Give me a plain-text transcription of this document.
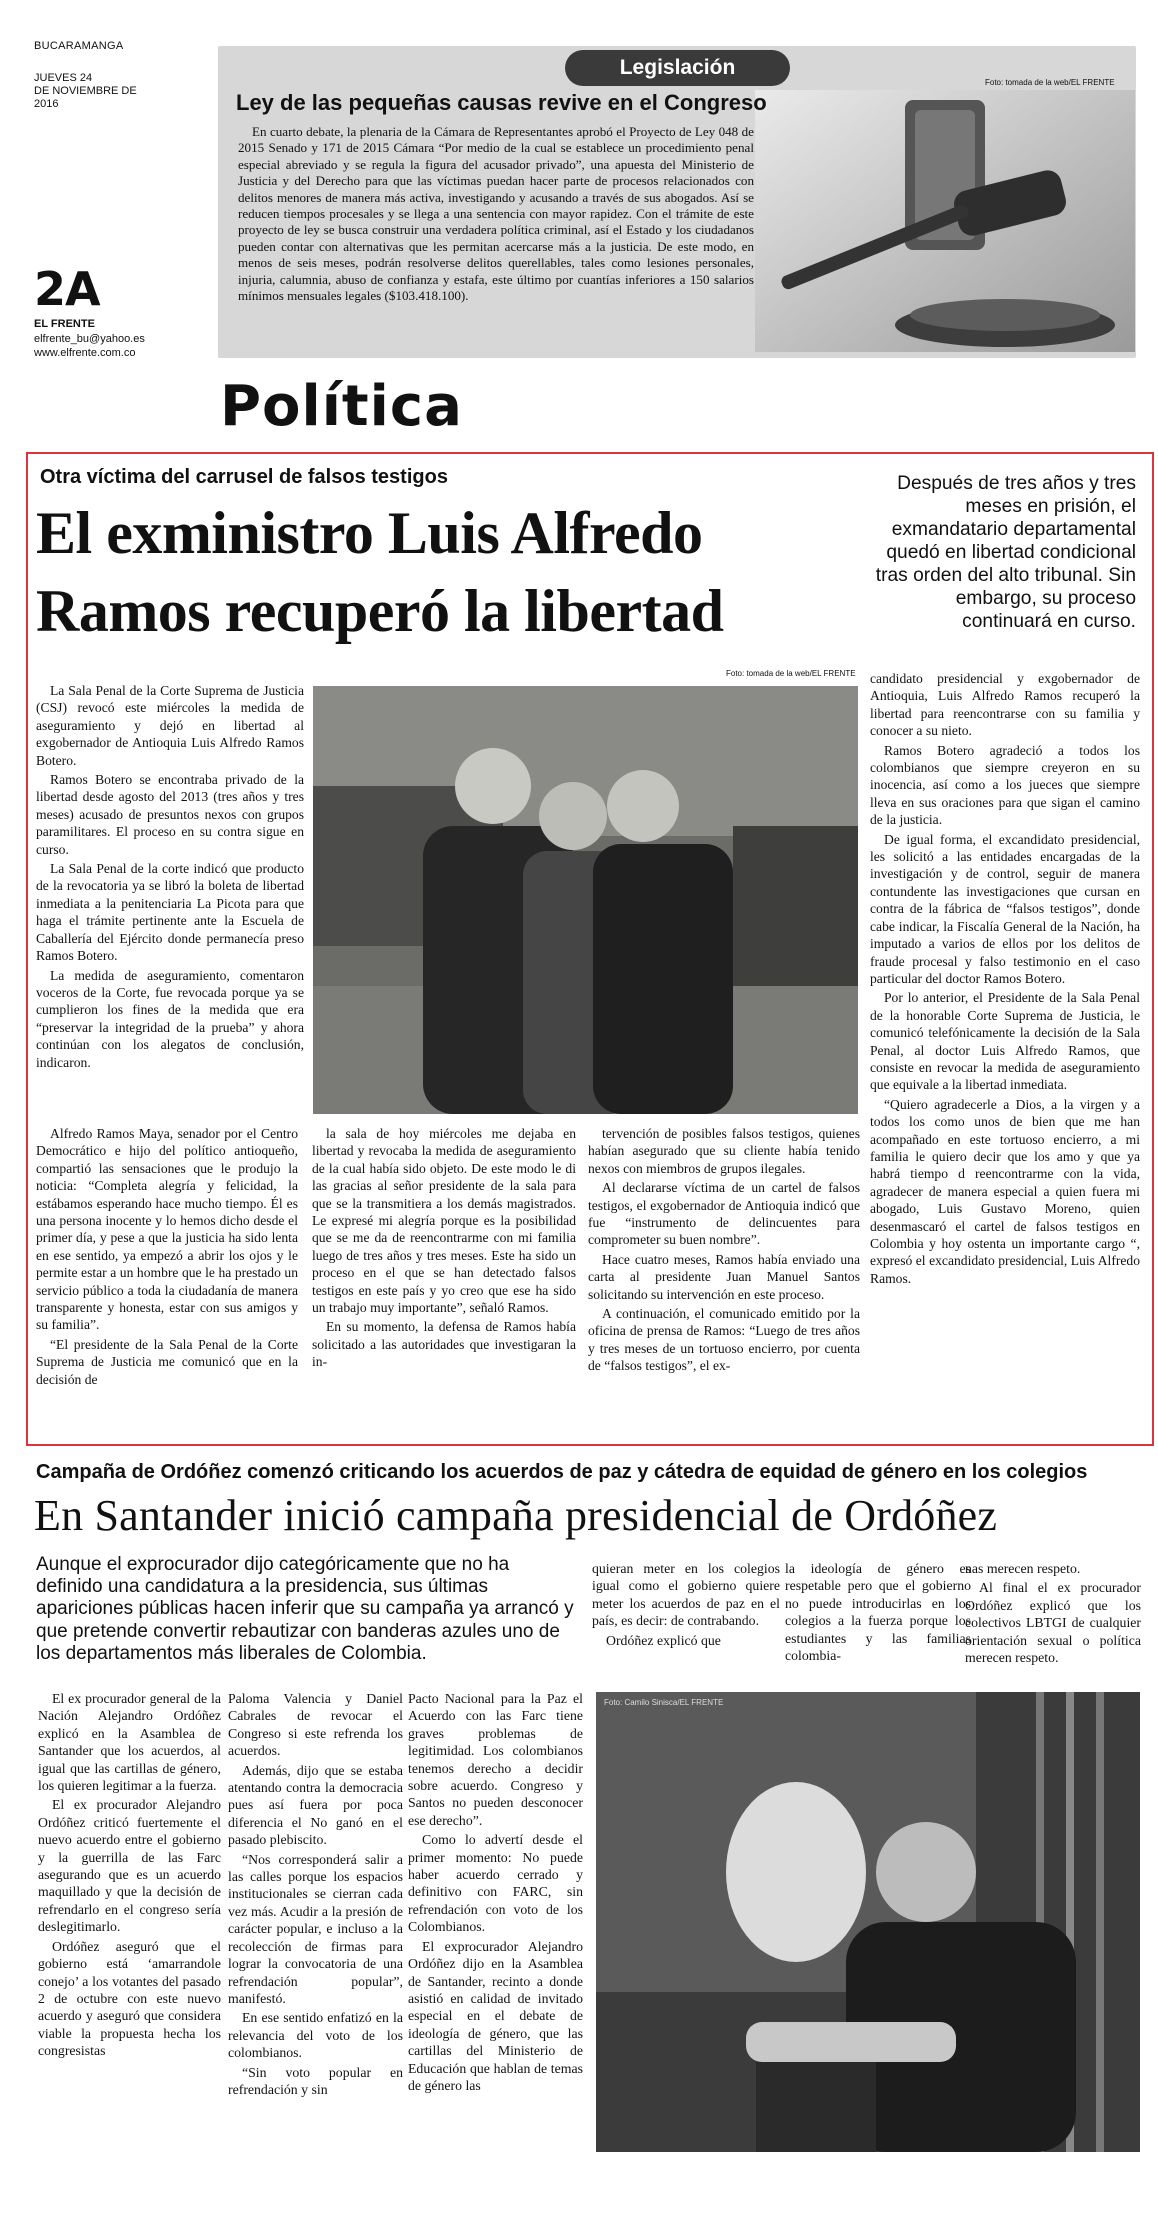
BUCARAMANGA
JUEVES 24
DE NOVIEMBRE DE 2016
2A
EL FRENTE
elfrente_bu@yahoo.es
www.elfrente.com.co
Política
Foto: tomada de la web/EL FRENTE
Legislación
Ley de las pequeñas causas revive en el Congreso

En cuarto debate, la plenaria de la Cámara de Representantes aprobó el Proyecto de Ley 048 de 2015 Senado y 171 de 2015 Cámara “Por medio de la cual se establece un procedimiento penal especial abreviado y se regula la figura del acusador privado”, una apuesta del Ministerio de Justicia y del Derecho para que las víctimas puedan hacer parte de procesos relacionados con delitos menores de manera más activa, investigando y acusando a través de sus abogados. Así se reducen tiempos procesales y se llega a una sentencia con mayor rapidez. Con el trámite de este proyecto de ley se busca construir una verdadera política criminal, así el Estado y los ciudadanos pueden contar con alternativas que les permitan acercarse más a la justicia. De este modo, en menos de seis meses, podrán resolverse delitos querellables, tales como lesiones personales, injuria, calumnia, abuso de confianza y estafa, este último por cuantías inferiores a 150 salarios mínimos mensuales legales ($103.418.100).

Otra víctima del carrusel de falsos testigos
El exministro Luis Alfredo Ramos recuperó la libertad
Después de tres años y tres meses en prisión, el exmandatario departamental quedó en libertad condicional tras orden del alto tribunal. Sin embargo, su proceso continuará en curso.
Foto: tomada de la web/EL FRENTE

La Sala Penal de la Corte Suprema de Justicia (CSJ) revocó este miércoles la medida de aseguramiento y dejó en libertad al exgobernador de Antioquia Luis Alfredo Ramos Botero.

Ramos Botero se encontraba privado de la libertad desde agosto del 2013 (tres años y tres meses) acusado de presuntos nexos con grupos paramilitares. El proceso en su contra sigue en curso.

La Sala Penal de la corte indicó que producto de la revocatoria ya se libró la boleta de libertad inmediata a la penitenciaria La Picota para que haga el trámite pertinente ante la Escuela de Caballería del Ejército donde permanecía preso Ramos Botero.

La medida de aseguramiento, comentaron voceros de la Corte, fue revocada porque ya se cumplieron los fines de la medida que era “preservar la integridad de la prueba” y ahora continúan con los alegatos de conclusión, indicaron.

Alfredo Ramos Maya, senador por el Centro Democrático e hijo del político antioqueño, compartió las sensaciones que le produjo la noticia: “Completa alegría y felicidad, la estábamos esperando hace mucho tiempo. Él es una persona inocente y lo hemos dicho desde el primer día, y pese a que la justicia ha sido lenta en ese sentido, ya empezó a abrir los ojos y le permite estar a un hombre que le ha prestado un servicio público a toda la ciudadanía de manera transparente y honesta, estar con sus amigos y su familia”.

“El presidente de la Sala Penal de la Corte Suprema de Justicia me comunicó que en la decisión de

la sala de hoy miércoles me dejaba en libertad y revocaba la medida de aseguramiento de la cual había sido objeto. De este modo le di las gracias al señor presidente de la sala para que se la transmitiera a los demás magistrados. Le expresé mi alegría porque es la posibilidad que se me da de reencontrarme con mi familia luego de tres años y tres meses. Este ha sido un proceso en el que se han detectado falsos testigos en este país y yo creo que ese ha sido un trabajo muy importante”, señaló Ramos.

En su momento, la defensa de Ramos había solicitado a las autoridades que investigaran la in-

tervención de posibles falsos testigos, quienes habían asegurado que su cliente había tenido nexos con miembros de grupos ilegales.

Al declararse víctima de un cartel de falsos testigos, el exgobernador de Antioquia indicó que fue “instrumento de delincuentes para comprometer su buen nombre”.

Hace cuatro meses, Ramos había enviado una carta al presidente Juan Manuel Santos solicitando su intervención en este proceso.

A continuación, el comunicado emitido por la oficina de prensa de Ramos: “Luego de tres años y tres meses de un tortuoso encierro, por cuenta de “falsos testigos”, el ex-

candidato presidencial y exgobernador de Antioquia, Luis Alfredo Ramos recuperó la libertad para reencontrarse con su familia y conocer a su nieto.

Ramos Botero agradeció a todos los colombianos que siempre creyeron en su inocencia, así como a los jueces que siempre lleva en sus oraciones para que sigan el camino de la justicia.

De igual forma, el excandidato presidencial, les solicitó a las entidades encargadas de la investigación y de control, seguir de manera contundente las investigaciones que cursan en contra de la fábrica de “falsos testigos”, donde cabe indicar, la Fiscalía General de la Nación, ha imputado a varios de ellos por los delitos de fraude procesal y falso testimonio en el caso particular del doctor Ramos Botero.

Por lo anterior, el Presidente de la Sala Penal de la honorable Corte Suprema de Justicia, le comunicó telefónicamente la decisión de la Sala Penal, al doctor Luis Alfredo Ramos, que consiste en revocar la medida de aseguramiento que equivale a la libertad inmediata.

“Quiero agradecerle a Dios, a la virgen y a todos los como unos de bien que me han acompañado en este tortuoso encierro, a mi familia le quiero decir que los amo y que ya habrá tiempo d reencontrarme con la vida, agradecer de manera especial a quien fuera mi abogado, Luis Gustavo Moreno, quien desenmascaró el cartel de falsos testigos en Colombia y hoy ostenta un importante cargo “, expresó el excandidato presidencial, Luis Alfredo Ramos.

Campaña de Ordóñez comenzó criticando los acuerdos de paz y cátedra de equidad de género en los colegios
En Santander inició campaña presidencial de Ordóñez
Aunque el exprocurador dijo categóricamente que no ha definido una candidatura a la presidencia, sus últimas apariciones públicas hacen inferir que su campaña ya arrancó y que pretende convertir rebautizar con banderas azules uno de los departamentos más liberales de Colombia.

El ex procurador general de la Nación Alejandro Ordóñez explicó en la Asamblea de Santander que los acuerdos, al igual que las cartillas de género, los quieren legitimar a la fuerza.

El ex procurador Alejandro Ordóñez criticó fuertemente el nuevo acuerdo entre el gobierno y la guerrilla de las Farc asegurando que es un acuerdo maquillado y que la decisión de refrendarlo en el congreso sería deslegitimarlo.

Ordóñez aseguró que el gobierno está ‘amarrandole conejo’ a los votantes del pasado 2 de octubre con este nuevo acuerdo y aseguró que considera viable la propuesta hecha los congresistas

Paloma Valencia y Daniel Cabrales de revocar el Congreso si este refrenda los acuerdos.

Además, dijo que se estaba atentando contra la democracia pues así fuera por poca diferencia el No ganó en el pasado plebiscito.

“Nos corresponderá salir a las calles porque los espacios institucionales se cierran cada vez más. Acudir a la presión de carácter popular, e incluso a la recolección de firmas para lograr la convocatoria de una refrendación popular”, manifestó.

En ese sentido enfatizó en la relevancia del voto de los colombianos.

“Sin voto popular en refrendación y sin

Pacto Nacional para la Paz el Acuerdo con las Farc tiene graves problemas de legitimidad. Los colombianos tenemos derecho a decidir sobre acuerdo. Congreso y Santos no pueden desconocer ese derecho”.

Como lo advertí desde el primer momento: No puede haber acuerdo cerrado y definitivo con FARC, sin refrendación con voto de los Colombianos.

El exprocurador Alejandro Ordóñez dijo en la Asamblea de Santander, recinto a donde asistió en calidad de invitado especial en el debate de ideología de género, que las cartillas del Ministerio de Educación que hablan de temas de género las

quieran meter en los colegios igual como el gobierno quiere meter los acuerdos de paz en el país, es decir: de contrabando.

Ordóñez explicó que

la ideología de género es respetable pero que el gobierno no puede introducirlas en los colegios a la fuerza porque los estudiantes y las familias colombia-

nas merecen respeto.

Al final el ex procurador Ordóñez explicó que los colectivos LBTGI de cualquier orientación sexual o política merecen respeto.

Foto: Camilo Sinisca/EL FRENTE
